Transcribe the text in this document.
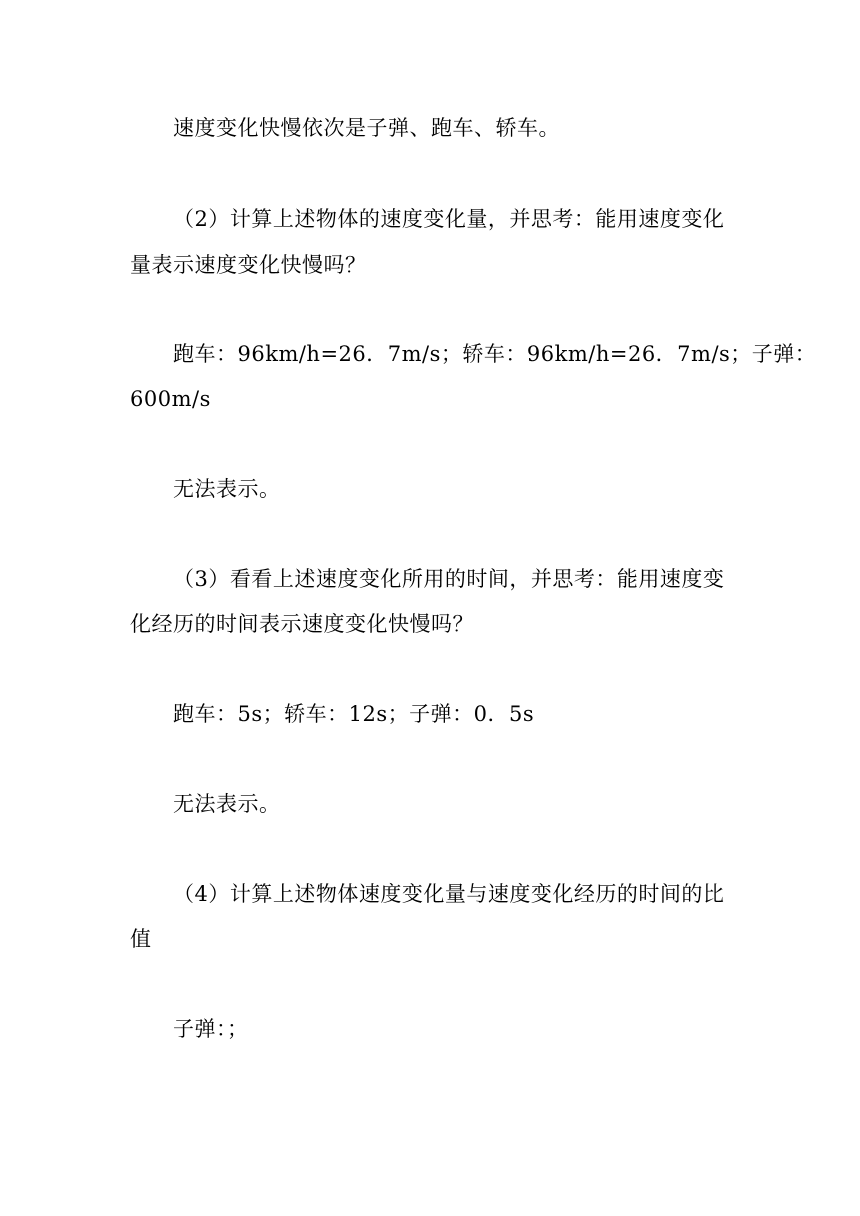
速度变化快慢依次是子弹、跑车、轿车。
（2）计算上述物体的速度变化量，并思考：能用速度变化
量表示速度变化快慢吗？
跑车：96km/h=26．7m/s；轿车：96km/h=26．7m/s；子弹：
600m/s
无法表示。
（3）看看上述速度变化所用的时间，并思考：能用速度变
化经历的时间表示速度变化快慢吗？
跑车：5s；轿车：12s；子弹：0．5s
无法表示。
（4）计算上述物体速度变化量与速度变化经历的时间的比
值
子弹：；
